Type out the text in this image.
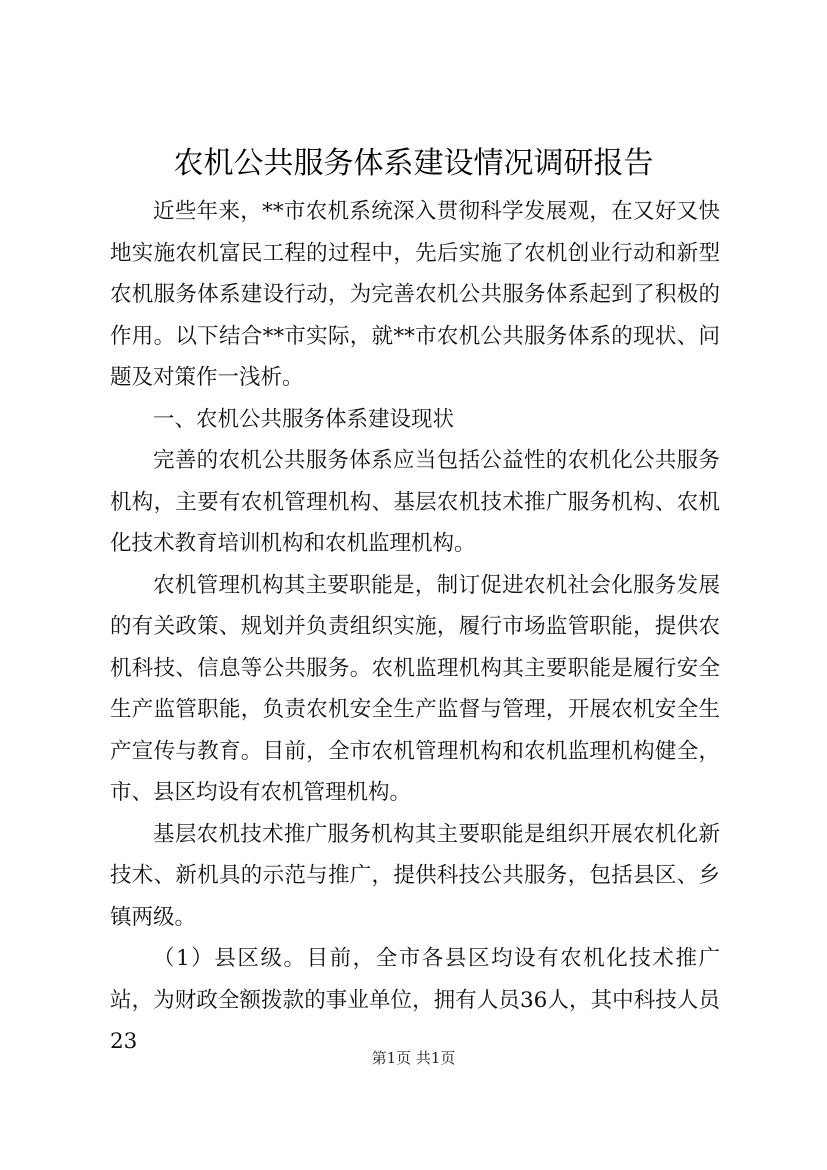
农机公共服务体系建设情况调研报告

近些年来，**市农机系统深入贯彻科学发展观，在又好又快地实施农机富民工程的过程中，先后实施了农机创业行动和新型农机服务体系建设行动，为完善农机公共服务体系起到了积极的作用。以下结合**市实际，就**市农机公共服务体系的现状、问题及对策作一浅析。

一、农机公共服务体系建设现状

完善的农机公共服务体系应当包括公益性的农机化公共服务机构，主要有农机管理机构、基层农机技术推广服务机构、农机化技术教育培训机构和农机监理机构。

农机管理机构其主要职能是，制订促进农机社会化服务发展的有关政策、规划并负责组织实施，履行市场监管职能，提供农机科技、信息等公共服务。农机监理机构其主要职能是履行安全生产监管职能，负责农机安全生产监督与管理，开展农机安全生产宣传与教育。目前，全市农机管理机构和农机监理机构健全，市、县区均设有农机管理机构。

基层农机技术推广服务机构其主要职能是组织开展农机化新技术、新机具的示范与推广，提供科技公共服务，包括县区、乡镇两级。

（1）县区级。目前，全市各县区均设有农机化技术推广站，为财政全额拨款的事业单位，拥有人员36人，其中科技人员23

第1页 共1页
